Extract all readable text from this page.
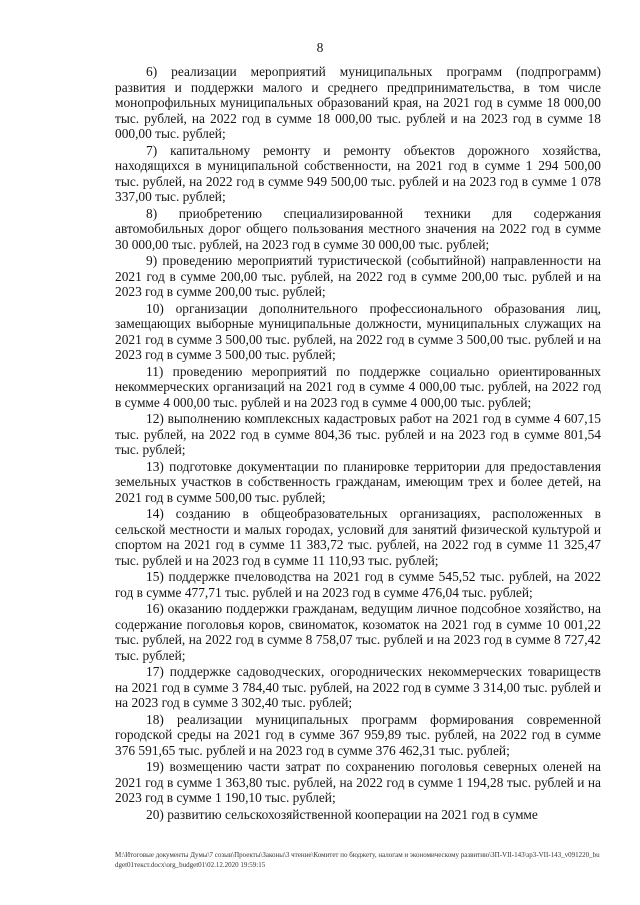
8

6) реализации мероприятий муниципальных программ (подпрограмм) развития и поддержки малого и среднего предпринимательства, в том числе монопрофильных муниципальных образований края, на 2021 год в сумме 18 000,00 тыс. рублей, на 2022 год в сумме 18 000,00 тыс. рублей и на 2023 год в сумме 18 000,00 тыс. рублей;

7) капитальному ремонту и ремонту объектов дорожного хозяйства, находящихся в муниципальной собственности, на 2021 год в сумме 1 294 500,00 тыс. рублей, на 2022 год в сумме 949 500,00 тыс. рублей и на 2023 год в сумме 1 078 337,00 тыс. рублей;

8) приобретению специализированной техники для содержания автомобильных дорог общего пользования местного значения на 2022 год в сумме 30 000,00 тыс. рублей, на 2023 год в сумме 30 000,00 тыс. рублей;

9) проведению мероприятий туристической (событийной) направленности на 2021 год в сумме 200,00 тыс. рублей, на 2022 год в сумме 200,00 тыс. рублей и на 2023 год в сумме 200,00 тыс. рублей;

10) организации дополнительного профессионального образования лиц, замещающих выборные муниципальные должности, муниципальных служащих на 2021 год в сумме 3 500,00 тыс. рублей, на 2022 год в сумме 3 500,00 тыс. рублей и на 2023 год в сумме 3 500,00 тыс. рублей;

11) проведению мероприятий по поддержке социально ориентированных некоммерческих организаций на 2021 год в сумме 4 000,00 тыс. рублей, на 2022 год в сумме 4 000,00 тыс. рублей и на 2023 год в сумме 4 000,00 тыс. рублей;

12) выполнению комплексных кадастровых работ на 2021 год в сумме 4 607,15 тыс. рублей, на 2022 год в сумме 804,36 тыс. рублей и на 2023 год в сумме 801,54 тыс. рублей;

13) подготовке документации по планировке территории для предоставления земельных участков в собственность гражданам, имеющим трех и более детей, на 2021 год в сумме 500,00 тыс. рублей;

14) созданию в общеобразовательных организациях, расположенных в сельской местности и малых городах, условий для занятий физической культурой и спортом на 2021 год в сумме 11 383,72 тыс. рублей, на 2022 год в сумме 11 325,47 тыс. рублей и на 2023 год в сумме 11 110,93 тыс. рублей;

15) поддержке пчеловодства на 2021 год в сумме 545,52 тыс. рублей, на 2022 год в сумме 477,71 тыс. рублей и на 2023 год в сумме 476,04 тыс. рублей;

16) оказанию поддержки гражданам, ведущим личное подсобное хозяйство, на содержание поголовья коров, свиноматок, козоматок на 2021 год в сумме 10 001,22 тыс. рублей, на 2022 год в сумме 8 758,07 тыс. рублей и на 2023 год в сумме 8 727,42 тыс. рублей;

17) поддержке садоводческих, огороднических некоммерческих товариществ на 2021 год в сумме 3 784,40 тыс. рублей, на 2022 год в сумме 3 314,00 тыс. рублей и на 2023 год в сумме 3 302,40 тыс. рублей;

18) реализации муниципальных программ формирования современной городской среды на 2021 год в сумме 367 959,89 тыс. рублей, на 2022 год в сумме 376 591,65 тыс. рублей и на 2023 год в сумме 376 462,31 тыс. рублей;

19) возмещению части затрат по сохранению поголовья северных оленей на 2021 год в сумме 1 363,80 тыс. рублей, на 2022 год в сумме 1 194,28 тыс. рублей и на 2023 год в сумме 1 190,10 тыс. рублей;

20) развитию сельскохозяйственной кооперации на 2021 год в сумме

M:\Итоговые документы Думы\7 созыв\Проекты\Законы\3 чтение\Комитет по бюджету, налогам и экономическому развитию\ЗП-VII-143\зр3-VII-143_v091220_budget01текст.docx\org_budget01\02.12.2020 19:59:15
